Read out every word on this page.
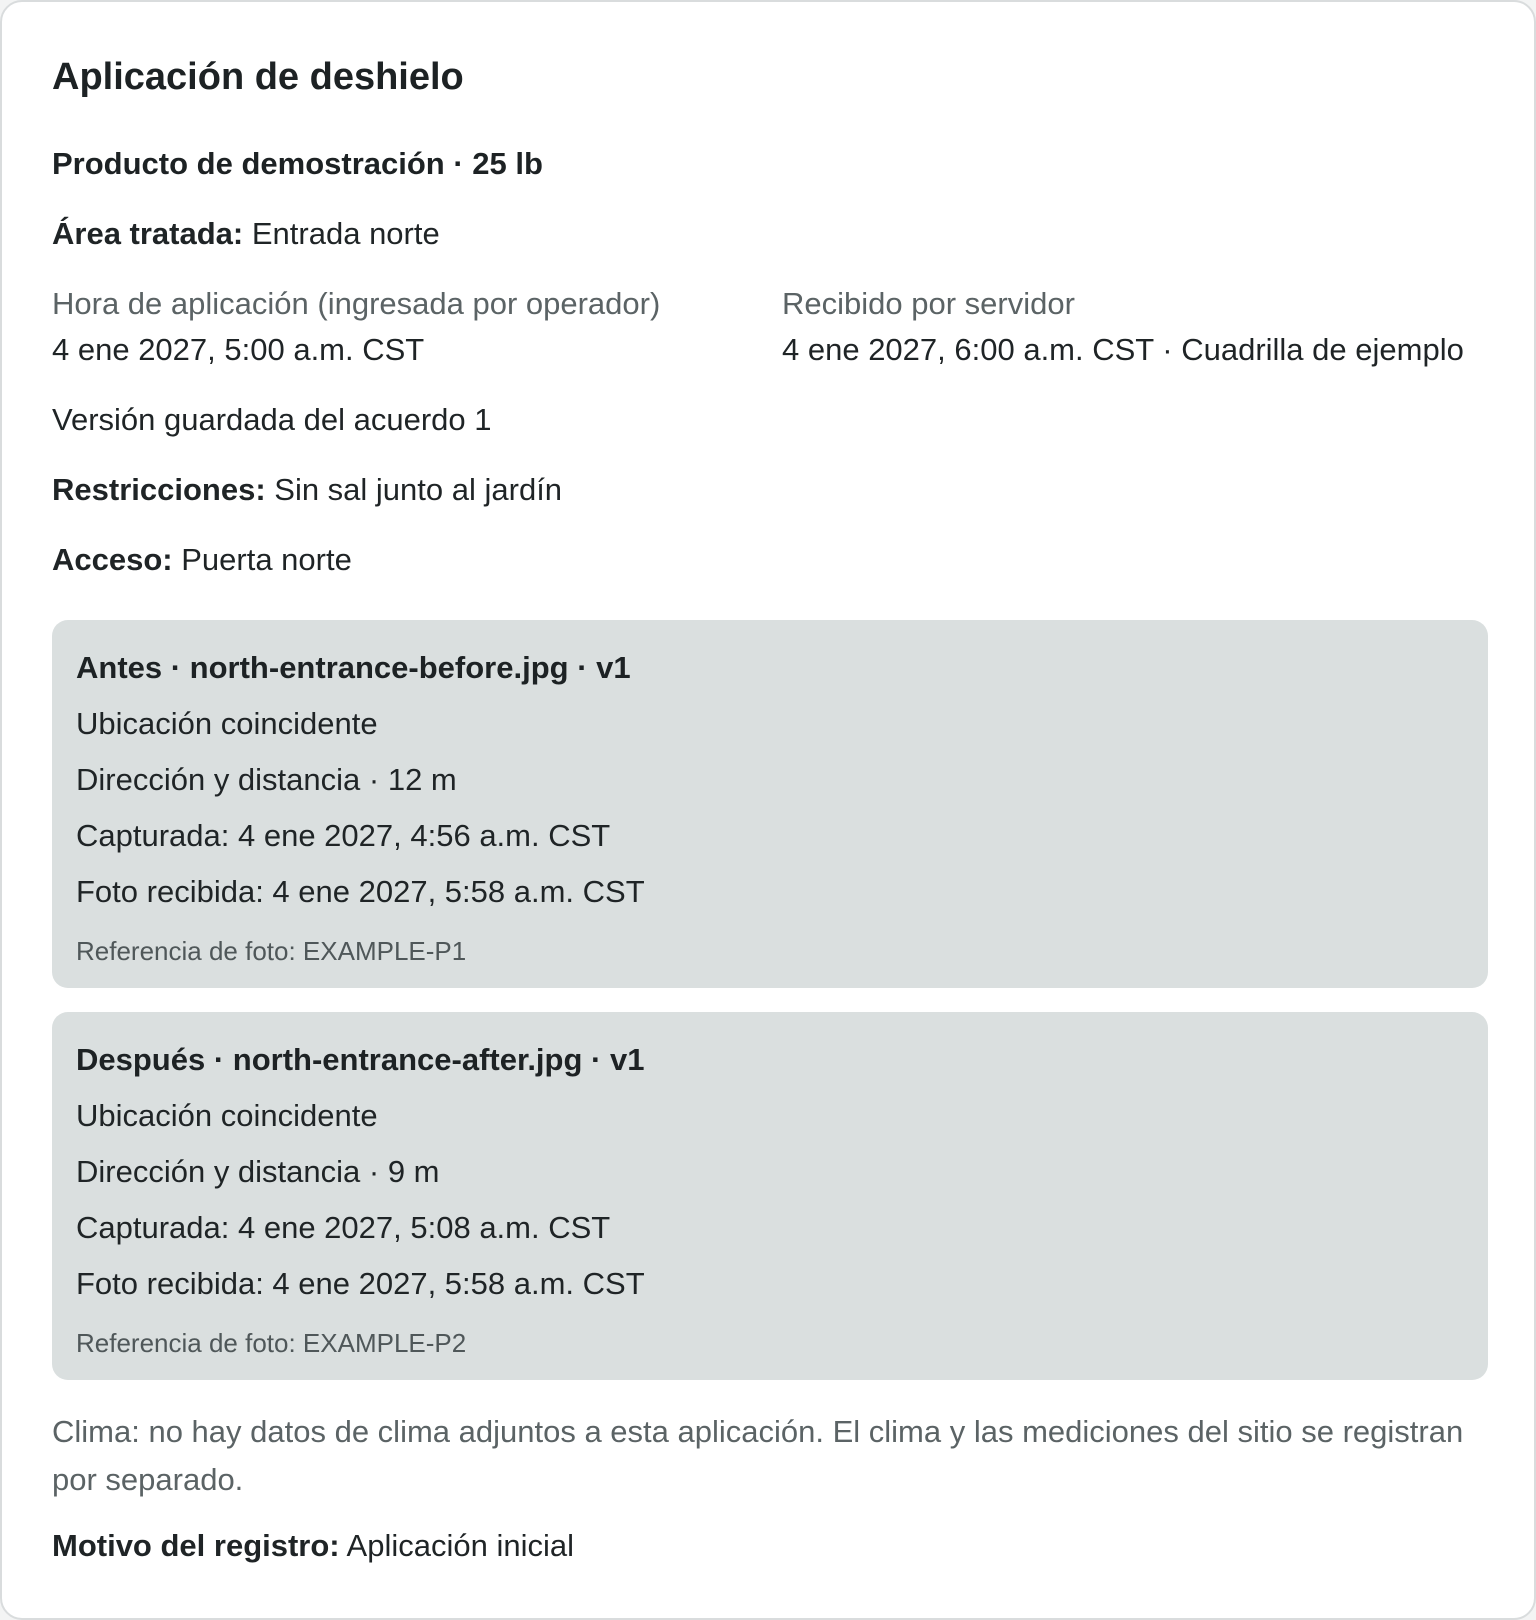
Aplicación de deshielo
Producto de demostración · 25 lb
Área tratada: Entrada norte
Hora de aplicación (ingresada por operador)
4 ene 2027, 5:00 a.m. CST
Recibido por servidor
4 ene 2027, 6:00 a.m. CST · Cuadrilla de ejemplo
Versión guardada del acuerdo 1
Restricciones: Sin sal junto al jardín
Acceso: Puerta norte
Antes · north-entrance-before.jpg · v1
Ubicación coincidente
Dirección y distancia · 12 m
Capturada: 4 ene 2027, 4:56 a.m. CST
Foto recibida: 4 ene 2027, 5:58 a.m. CST
Referencia de foto: EXAMPLE-P1
Después · north-entrance-after.jpg · v1
Ubicación coincidente
Dirección y distancia · 9 m
Capturada: 4 ene 2027, 5:08 a.m. CST
Foto recibida: 4 ene 2027, 5:58 a.m. CST
Referencia de foto: EXAMPLE-P2
Clima: no hay datos de clima adjuntos a esta aplicación. El clima y las mediciones del sitio se registran por separado.
Motivo del registro: Aplicación inicial
